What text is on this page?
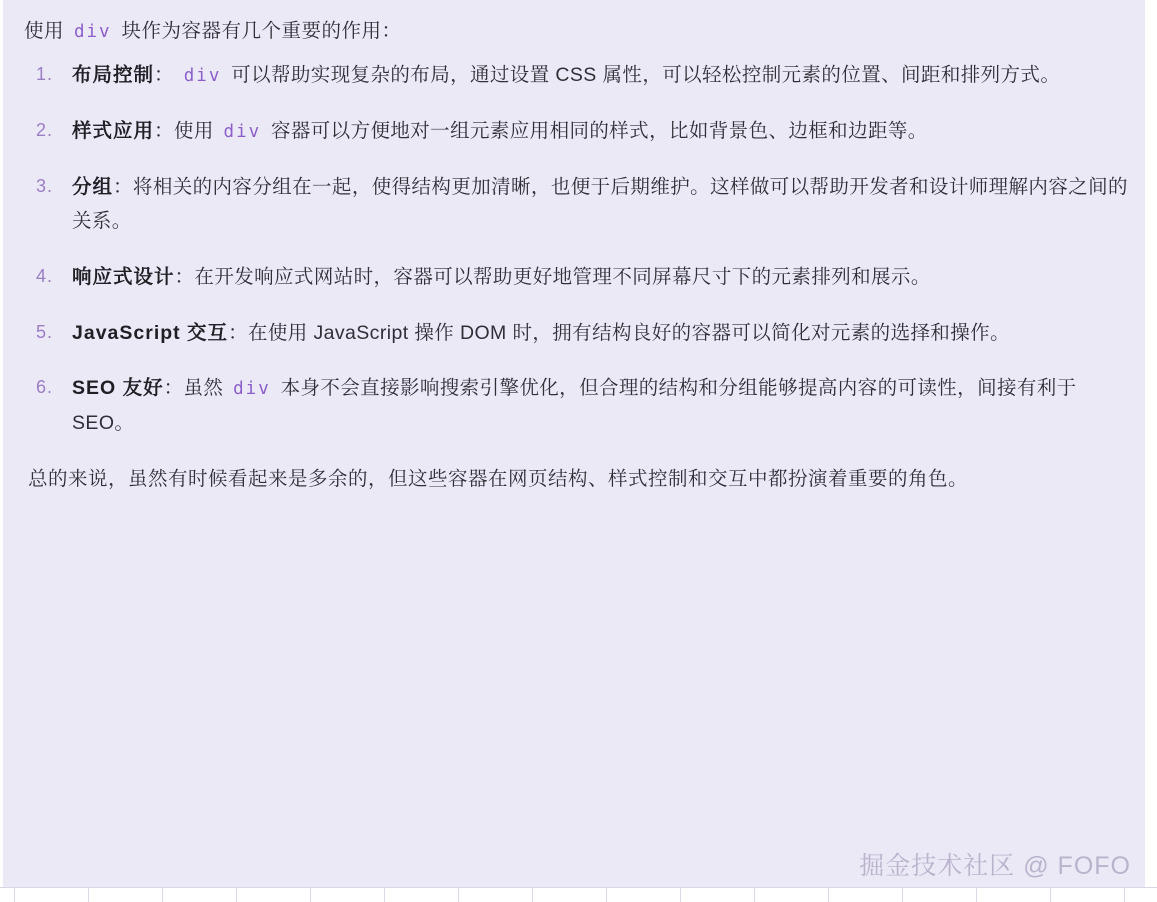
使用 div 块作为容器有几个重要的作用：

布局控制： div 可以帮助实现复杂的布局，通过设置 CSS 属性，可以轻松控制元素的位置、间距和排列方式。
样式应用：使用 div 容器可以方便地对一组元素应用相同的样式，比如背景色、边框和边距等。
分组：将相关的内容分组在一起，使得结构更加清晰，也便于后期维护。这样做可以帮助开发者和设计师理解内容之间的关系。
响应式设计：在开发响应式网站时，容器可以帮助更好地管理不同屏幕尺寸下的元素排列和展示。
JavaScript 交互：在使用 JavaScript 操作 DOM 时，拥有结构良好的容器可以简化对元素的选择和操作。
SEO 友好：虽然 div 本身不会直接影响搜索引擎优化，但合理的结构和分组能够提高内容的可读性，间接有利于 SEO。

总的来说，虽然有时候看起来是多余的，但这些容器在网页结构、样式控制和交互中都扮演着重要的角色。

掘金技术社区 @ FOFO
